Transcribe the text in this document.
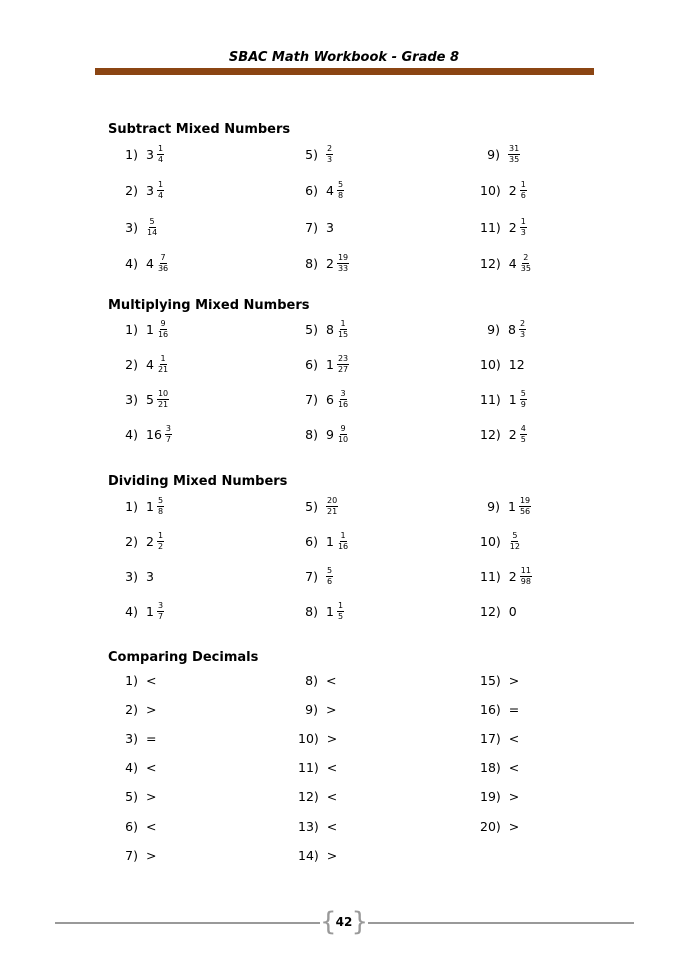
SBAC Math Workbook - Grade 8
Subtract Mixed Numbers
1) $3 \frac{1}{4}$
2) $3 \frac{1}{4}$
$3) \frac{5}{14}$
4) $4 \frac{7}{36}$
$5) \frac{2}{3}$
6) $4 \frac{5}{8}$
7) 3
8) $2 \frac{19}{33}$
$9) \frac{31}{35}$
10) $2 \frac{1}{6}$
11) $2 \frac{1}{3}$
12) $4 \frac{2}{35}$
Multiplying Mixed Numbers
1) $1 \frac{9}{16}$
2) $4 \frac{1}{21}$
3) $5 \frac{10}{21}$
4) $16 \frac{3}{7}$
5) $8 \frac{1}{15}$
6) $1 \frac{23}{27}$
7) $6 \frac{3}{16}$
8) $9 \frac{9}{10}$
9) $8 \frac{2}{3}$
10) 12
11) $1 \frac{5}{9}$
12) $2 \frac{4}{5}$
Dividing Mixed Numbers
1) $1 \frac{5}{8}$
2) $2 \frac{1}{2}$
3) 3
4) $1 \frac{3}{7}$
$5) \frac{20}{21}$
6) $1 \frac{1}{16}$
$7) \frac{5}{6}$
8) $1 \frac{1}{5}$
9) $1 \frac{19}{56}$
$10) \frac{5}{12}$
11) $2 \frac{11}{98}$
12) 0
Comparing Decimals
1) <
2) >
3) =
4) <
5) >
6) <
7) >
8) <
9) >
10) >
11) <
12) <
13) <
14) >
15) >
16) =
17) <
18) <
19) >
20) >
{ }
42
